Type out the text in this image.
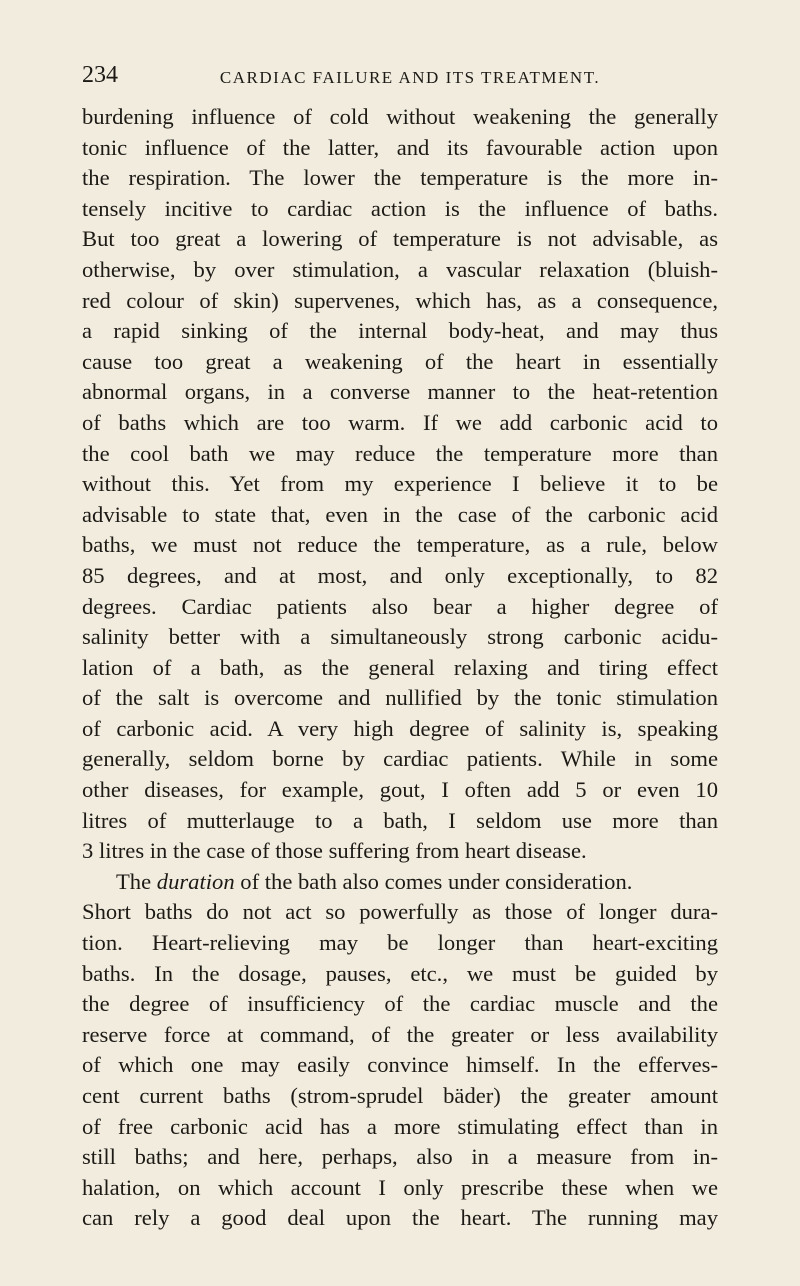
234	CARDIAC FAILURE AND ITS TREATMENT.
burdening influence of cold without weakening the generally
tonic influence of the latter, and its favourable action upon
the respiration. The lower the temperature is the more in-
tensely incitive to cardiac action is the influence of baths.
But too great a lowering of temperature is not advisable, as
otherwise, by over stimulation, a vascular relaxation (bluish-
red colour of skin) supervenes, which has, as a consequence,
a rapid sinking of the internal body-heat, and may thus
cause too great a weakening of the heart in essentially
abnormal organs, in a converse manner to the heat-retention
of baths which are too warm. If we add carbonic acid to
the cool bath we may reduce the temperature more than
without this. Yet from my experience I believe it to be
advisable to state that, even in the case of the carbonic acid
baths, we must not reduce the temperature, as a rule, below
85 degrees, and at most, and only exceptionally, to 82
degrees. Cardiac patients also bear a higher degree of
salinity better with a simultaneously strong carbonic acidu-
lation of a bath, as the general relaxing and tiring effect
of the salt is overcome and nullified by the tonic stimulation
of carbonic acid. A very high degree of salinity is, speaking
generally, seldom borne by cardiac patients. While in some
other diseases, for example, gout, I often add 5 or even 10
litres of mutterlauge to a bath, I seldom use more than
3 litres in the case of those suffering from heart disease.
The duration of the bath also comes under consideration.
Short baths do not act so powerfully as those of longer dura-
tion. Heart-relieving may be longer than heart-exciting
baths. In the dosage, pauses, etc., we must be guided by
the degree of insufficiency of the cardiac muscle and the
reserve force at command, of the greater or less availability
of which one may easily convince himself. In the efferves-
cent current baths (strom-sprudel bäder) the greater amount
of free carbonic acid has a more stimulating effect than in
still baths; and here, perhaps, also in a measure from in-
halation, on which account I only prescribe these when we
can rely a good deal upon the heart. The running may
